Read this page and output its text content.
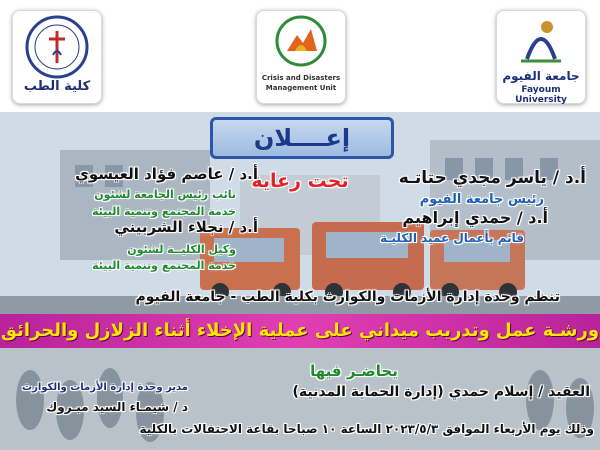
كلية الطب
Crisis and Disasters
Management Unit
جامعة الفيوم
Fayoum University
إعــــلان
تحت رعاية	أ.د / ياسر مجدي حتاتـه
رئيس جامعة الفيوم
أ.د / حمدي إبراهيم
قائم بأعمال عميد الكليـة
أ.د / عاصم فؤاد العيسوي
نائب رئيس الجامعة لشئون
خدمة المجتمع وتنمية البيئة
أ.د / نجلاء الشربيني
وكيل الكليــة لشئون
خدمة المجتمع وتنمية البيئة
تنظم وحدة إدارة الأزمات والكوارث بكلية الطب - جامعة الفيوم
ورشـة عمل وتدريب ميداني على عملية الإخلاء أثناء الزلازل والحرائق
يحاضـر فيها
العقيد / إسلام حمدي (إدارة الحماية المدنية)
مدير وحدة إدارة الأزمات والكوارث
د / شيمـاء السيد مبـروك
وذلك يوم الأربعاء الموافق ٢٠٢٣/٥/٣ الساعة ١٠ صباحا بقاعة الاحتفالات بالكلية
